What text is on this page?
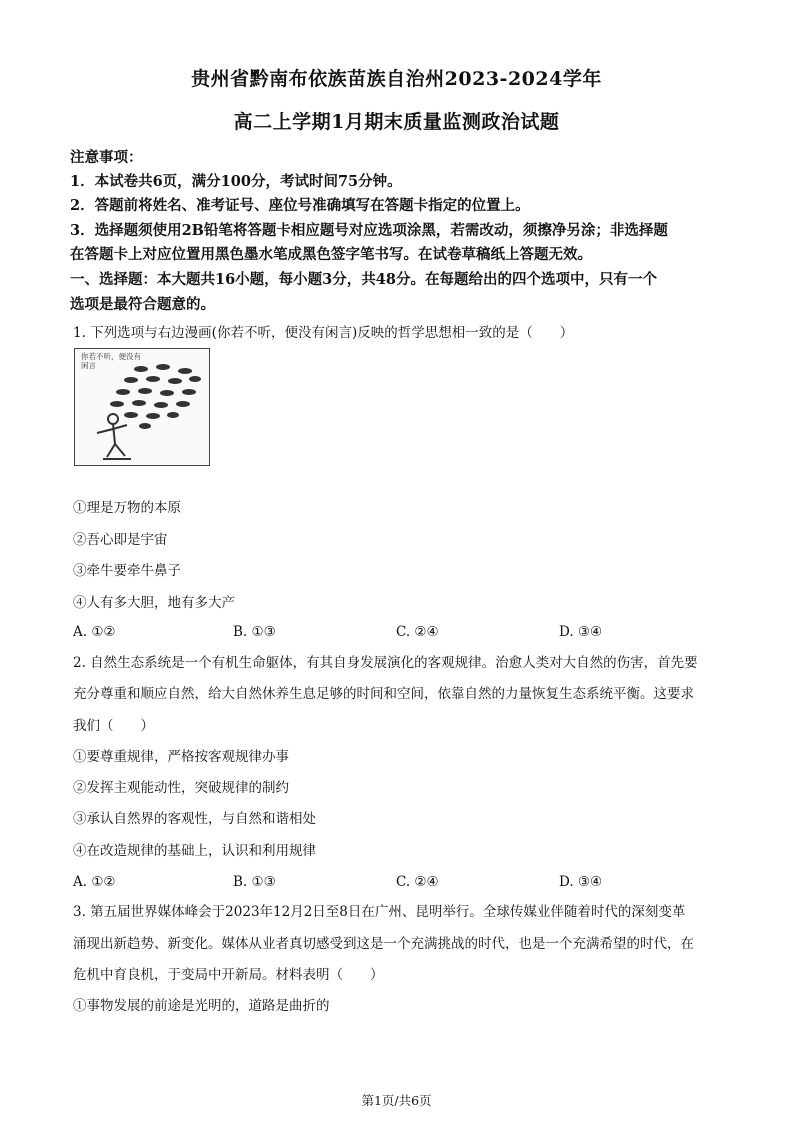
贵州省黔南布依族苗族自治州2023-2024学年
高二上学期1月期末质量监测政治试题
注意事项：
1．本试卷共6页，满分100分，考试时间75分钟。
2．答题前将姓名、准考证号、座位号准确填写在答题卡指定的位置上。
3．选择题须使用2B铅笔将答题卡相应题号对应选项涂黑，若需改动，须擦净另涂；非选择题
在答题卡上对应位置用黑色墨水笔成黑色签字笔书写。在试卷草稿纸上答题无效。
一、选择题：本大题共16小题，每小题3分，共48分。在每题给出的四个选项中，只有一个
选项是最符合题意的。
1. 下列选项与右边漫画(你若不听，便没有闲言)反映的哲学思想相一致的是（　　）
你若不听，便没有闲言
①理是万物的本原
②吾心即是宇宙
③牵牛要牵牛鼻子
④人有多大胆，地有多大产
A. ①②	B. ①③	C. ②④	D. ③④
2. 自然生态系统是一个有机生命躯体，有其自身发展演化的客观规律。治愈人类对大自然的伤害，首先要
充分尊重和顺应自然，给大自然休养生息足够的时间和空间，依靠自然的力量恢复生态系统平衡。这要求
我们（　　）
①要尊重规律，严格按客观规律办事
②发挥主观能动性，突破规律的制约
③承认自然界的客观性，与自然和谐相处
④在改造规律的基础上，认识和利用规律
A. ①②	B. ①③	C. ②④	D. ③④
3. 第五届世界媒体峰会于2023年12月2日至8日在广州、昆明举行。全球传媒业伴随着时代的深刻变革
涌现出新趋势、新变化。媒体从业者真切感受到这是一个充满挑战的时代，也是一个充满希望的时代，在
危机中育良机，于变局中开新局。材料表明（　　）
①事物发展的前途是光明的，道路是曲折的
第1页/共6页
